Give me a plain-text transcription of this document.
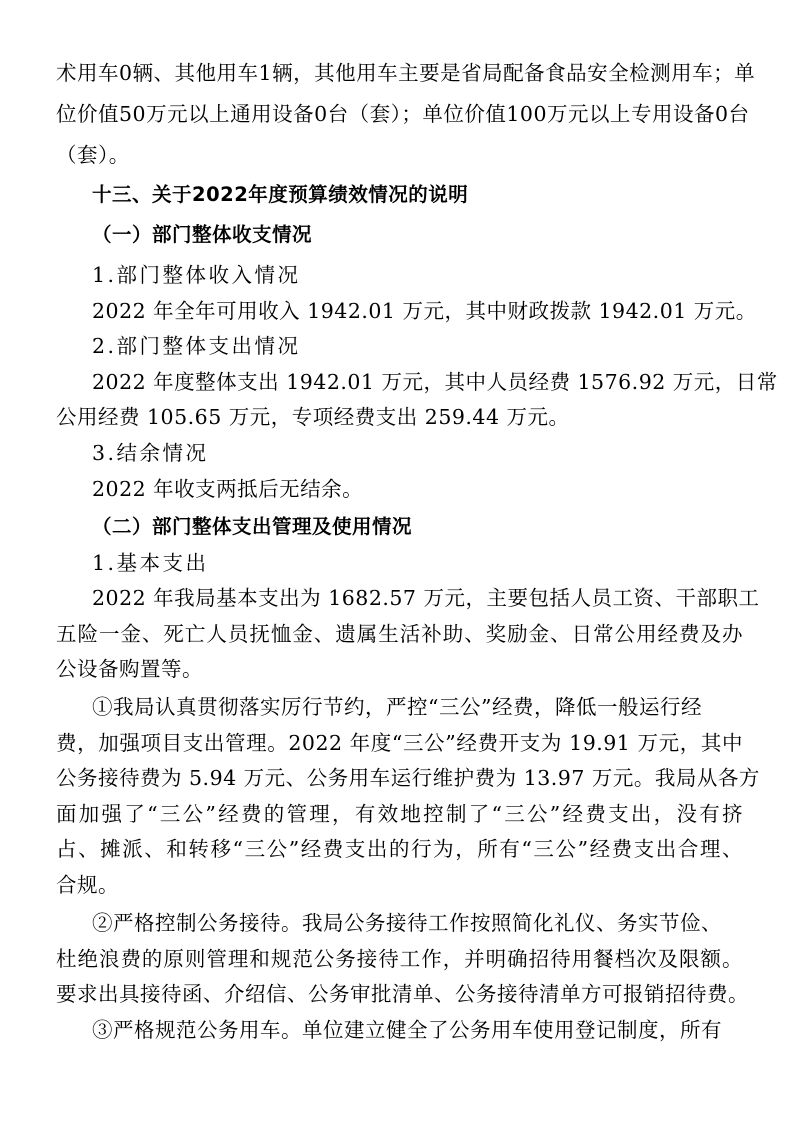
术用车0辆、其他用车1辆，其他用车主要是省局配备食品安全检测用车；单
位价值50万元以上通用设备0台（套）；单位价值100万元以上专用设备0台
（套）。
十三、关于2022年度预算绩效情况的说明
（一）部门整体收支情况
1.部门整体收入情况
2022 年全年可用收入 1942.01 万元，其中财政拨款 1942.01 万元。
2.部门整体支出情况
2022 年度整体支出 1942.01 万元，其中人员经费 1576.92 万元，日常
公用经费 105.65 万元，专项经费支出 259.44 万元。
3.结余情况
2022 年收支两抵后无结余。
（二）部门整体支出管理及使用情况
1.基本支出
2022 年我局基本支出为 1682.57 万元，主要包括人员工资、干部职工
五险一金、死亡人员抚恤金、遗属生活补助、奖励金、日常公用经费及办
公设备购置等。
①我局认真贯彻落实厉行节约，严控“三公”经费，降低一般运行经
费，加强项目支出管理。2022 年度“三公”经费开支为 19.91 万元，其中
公务接待费为 5.94 万元、公务用车运行维护费为 13.97 万元。我局从各方
面加强了“三公”经费的管理，有效地控制了“三公”经费支出，没有挤
占、摊派、和转移“三公”经费支出的行为，所有“三公”经费支出合理、
合规。
②严格控制公务接待。我局公务接待工作按照简化礼仪、务实节俭、
杜绝浪费的原则管理和规范公务接待工作，并明确招待用餐档次及限额。
要求出具接待函、介绍信、公务审批清单、公务接待清单方可报销招待费。
③严格规范公务用车。单位建立健全了公务用车使用登记制度，所有
